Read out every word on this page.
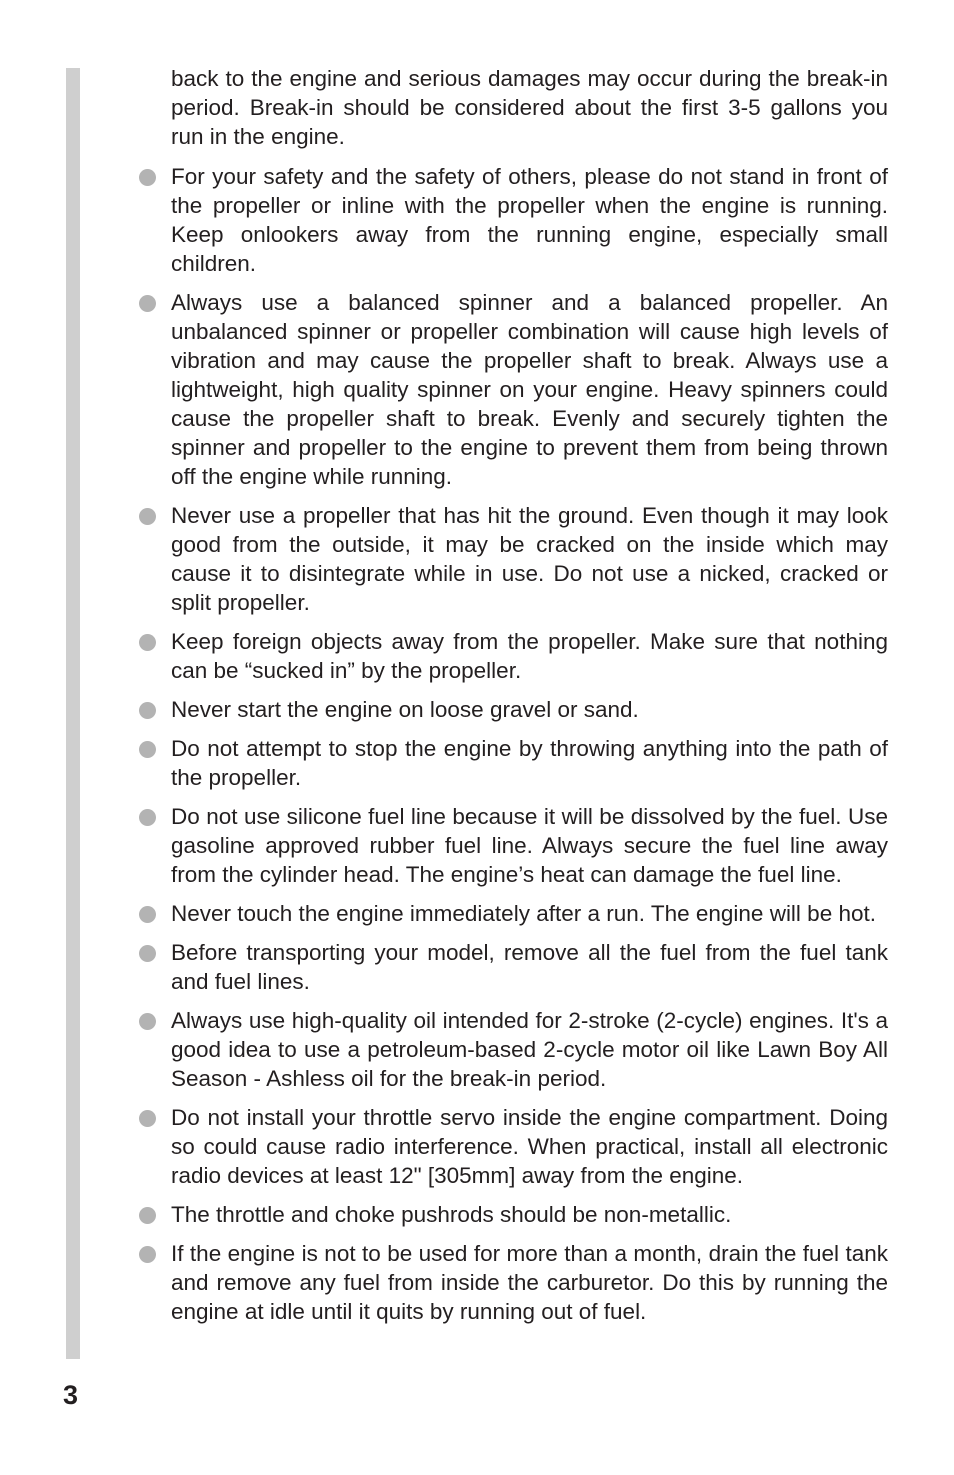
back to the engine and serious damages may occur during the break-in period. Break-in should be considered about the first 3-5 gallons you run in the engine.

For your safety and the safety of others, please do not stand in front of the propeller or inline with the propeller when the engine is running. Keep onlookers away from the running engine, especially small children.

Always use a balanced spinner and a balanced propeller. An unbalanced spinner or propeller combination will cause high levels of vibration and may cause the propeller shaft to break. Always use a lightweight, high quality spinner on your engine. Heavy spinners could cause the propeller shaft to break. Evenly and securely tighten the spinner and propeller to the engine to prevent them from being thrown off the engine while running.

Never use a propeller that has hit the ground. Even though it may look good from the outside, it may be cracked on the inside which may cause it to disintegrate while in use. Do not use a nicked, cracked or split propeller.

Keep foreign objects away from the propeller. Make sure that nothing can be “sucked in” by the propeller.

Never start the engine on loose gravel or sand.

Do not attempt to stop the engine by throwing anything into the path of the propeller.

Do not use silicone fuel line because it will be dissolved by the fuel. Use gasoline approved rubber fuel line. Always secure the fuel line away from the cylinder head. The engine’s heat can damage the fuel line.

Never touch the engine immediately after a run. The engine will be hot.

Before transporting your model, remove all the fuel from the fuel tank and fuel lines.

Always use high-quality oil intended for 2-stroke (2-cycle) engines. It's a good idea to use a petroleum-based 2-cycle motor oil like Lawn Boy All Season - Ashless oil for the break-in period.

Do not install your throttle servo inside the engine compartment. Doing so could cause radio interference. When practical, install all electronic radio devices at least 12" [305mm] away from the engine.

The throttle and choke pushrods should be non-metallic.

If the engine is not to be used for more than a month, drain the fuel tank and remove any fuel from inside the carburetor. Do this by running the engine at idle until it quits by running out of fuel.

3
